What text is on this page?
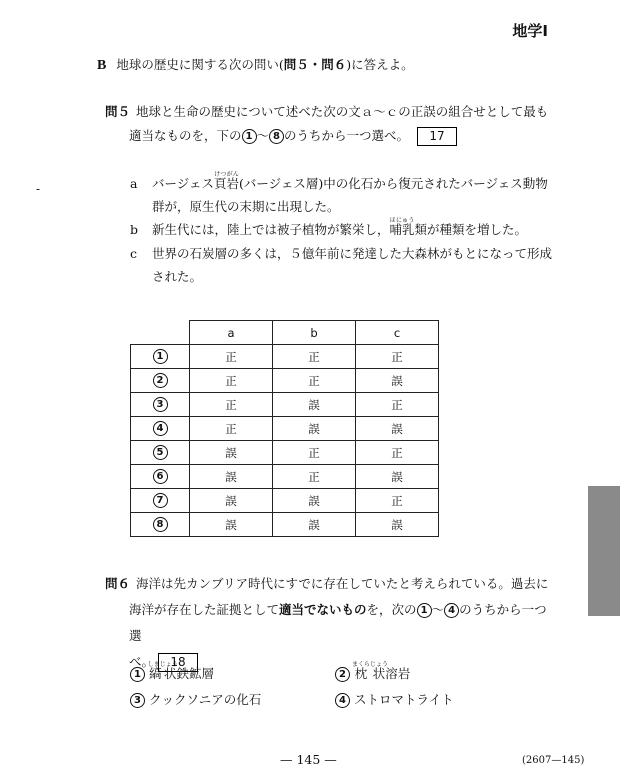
地学Ⅰ
B 地球の歴史に関する次の問い(問５・問６)に答えよ。
問５ 地球と生命の歴史について述べた次の文ａ～ｃの正誤の組合せとして最も
適当なものを，下の 1 ～ 8 のうちから一つ選べ。 17
-	a バージェス頁岩けつがん(バージェス層)中の化石から復元されたバージェス動物
群が，原生代の末期に出現した。
b 新生代には，陸上では被子植物が繁栄し，哺乳ほにゅう類が種類を増した。
c 世界の石炭層の多くは，５億年前に発達した大森林がもとになって形成
された。
	a	b	c
1	正	正	正
2	正	正	誤
3	正	誤	正
4	正	誤	誤
5	誤	正	正
6	誤	正	誤
7	誤	誤	正
8	誤	誤	誤
問６ 海洋は先カンブリア時代にすでに存在していたと考えられている。過去に
海洋が存在した証拠として適当でないものを，次の 1 ～ 4 のうちから一つ選
べ。 18
1 縞状しまじょう鉄鉱層	2 枕状まくらじょう溶岩
3 クックソニアの化石	4 ストロマトライト
— 145 —	(2607—145)
